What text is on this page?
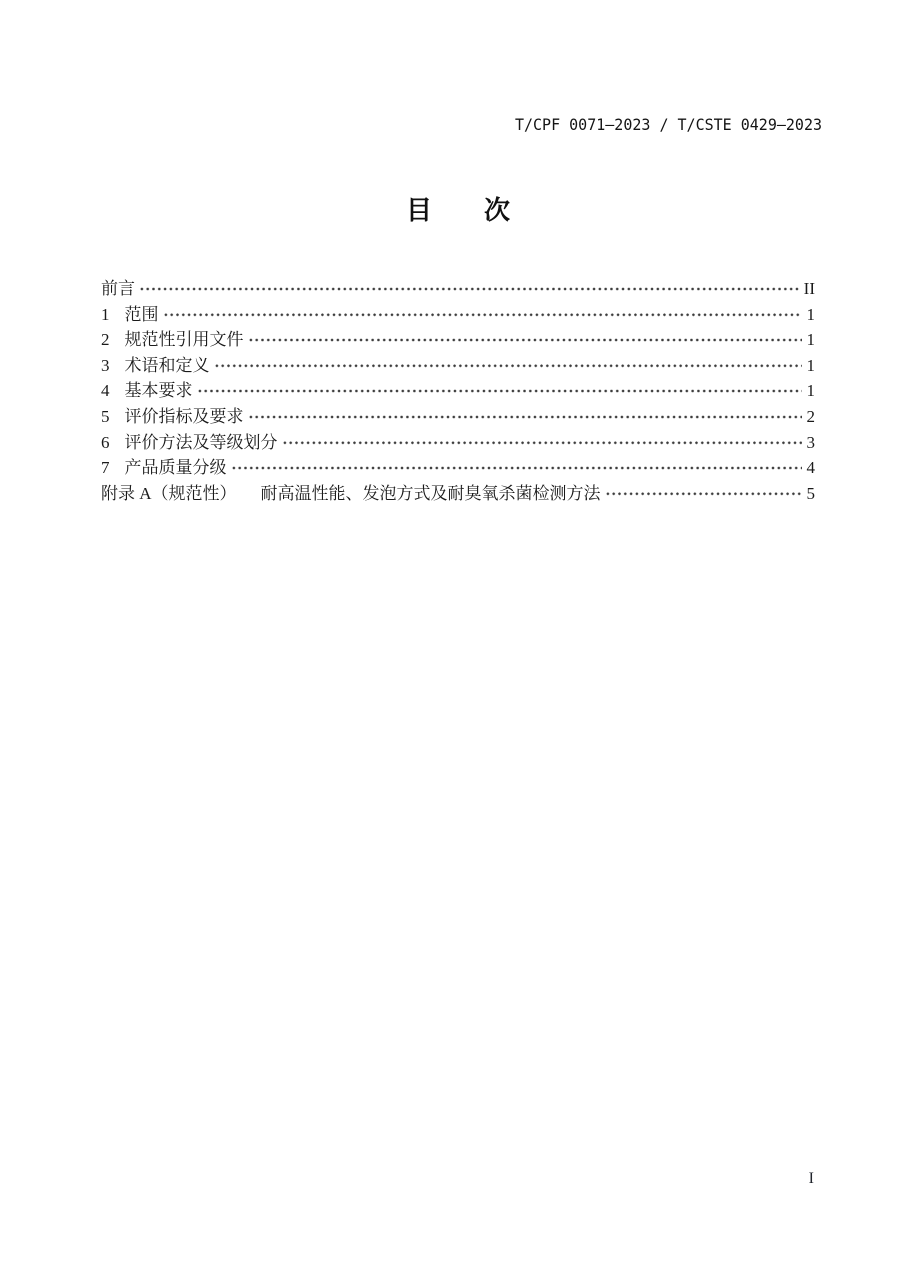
T/CPF 0071—2023 / T/CSTE 0429—2023
目　　次
前言	II
1 范围	1
2 规范性引用文件	1
3 术语和定义	1
4 基本要求	1
5 评价指标及要求	2
6 评价方法及等级划分	3
7 产品质量分级	4
附录 A（规范性） 耐高温性能、发泡方式及耐臭氧杀菌检测方法	5
I
